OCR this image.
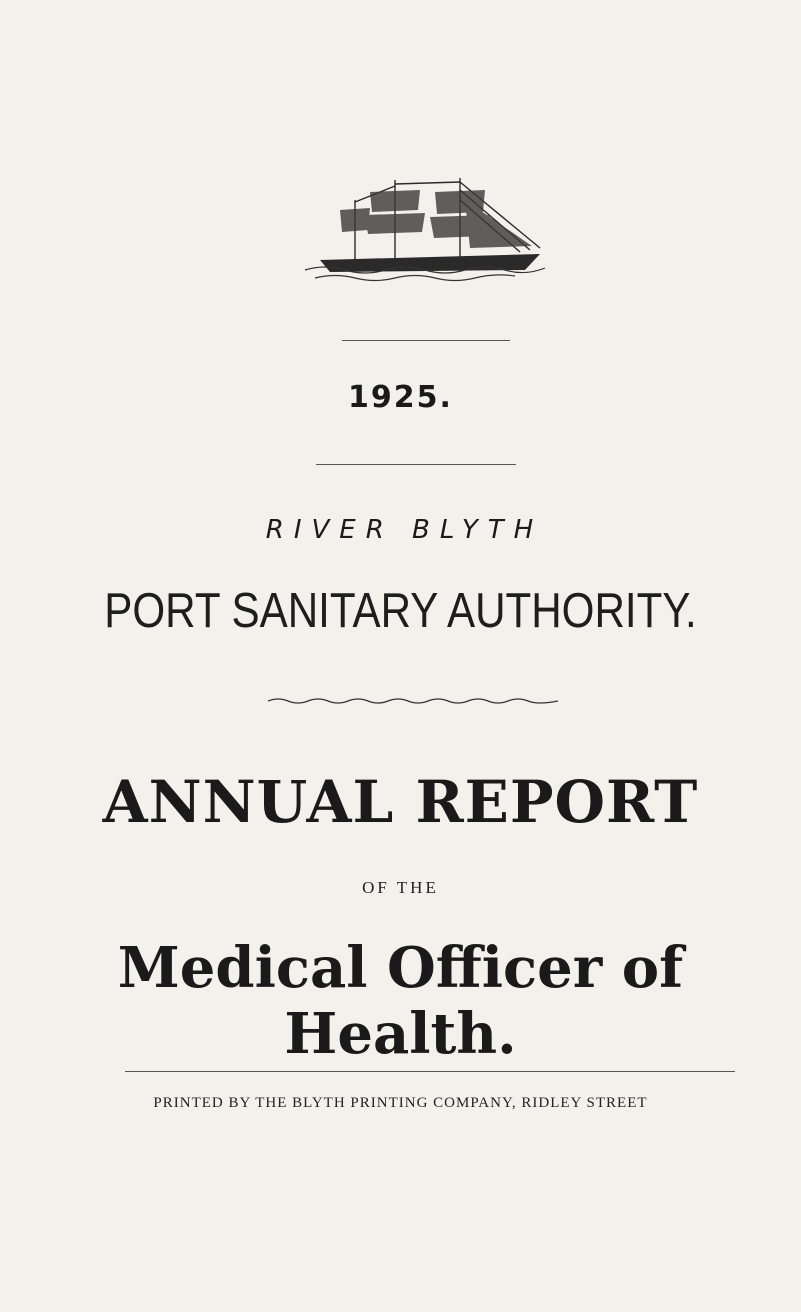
1925.
RIVER BLYTH
PORT SANITARY AUTHORITY.
ANNUAL REPORT
OF THE
Medical Officer of Health.
PRINTED BY THE BLYTH PRINTING COMPANY, RIDLEY STREET
